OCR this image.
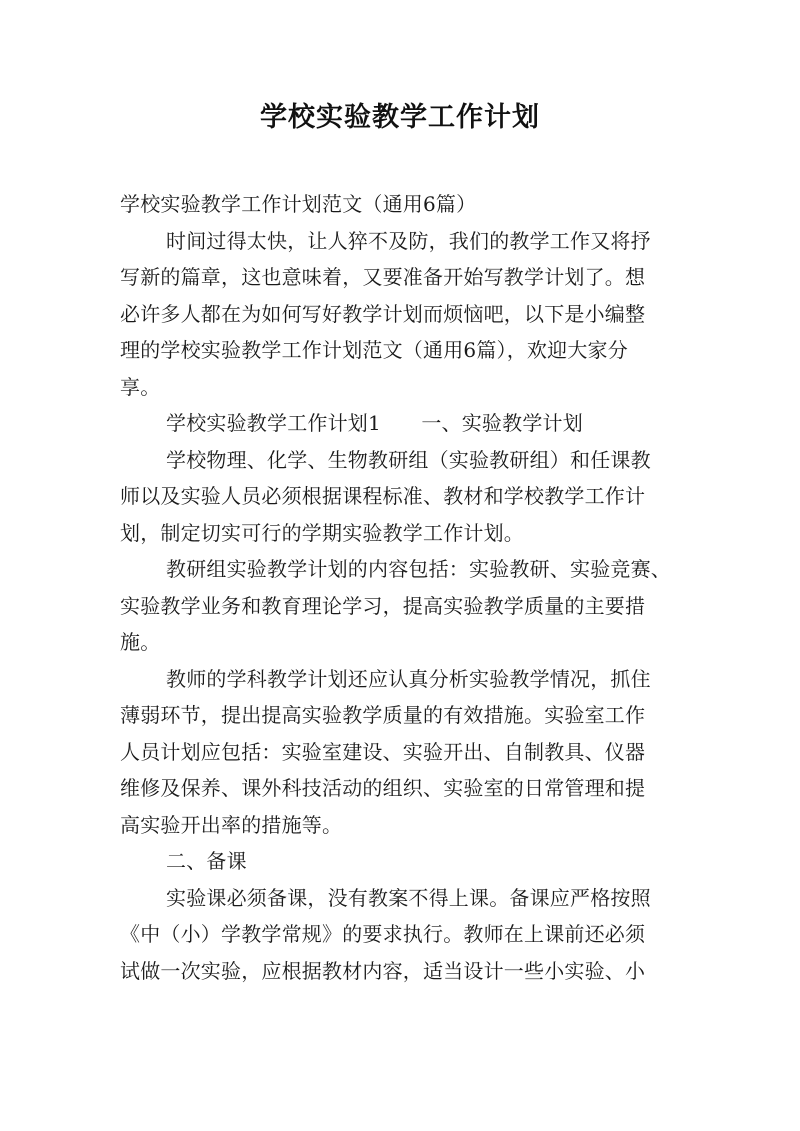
学校实验教学工作计划
学校实验教学工作计划范文（通用6篇）
时间过得太快，让人猝不及防，我们的教学工作又将抒
写新的篇章，这也意味着，又要准备开始写教学计划了。想
必许多人都在为如何写好教学计划而烦恼吧，以下是小编整
理的学校实验教学工作计划范文（通用6篇），欢迎大家分
享。
学校实验教学工作计划1　　一、实验教学计划
学校物理、化学、生物教研组（实验教研组）和任课教
师以及实验人员必须根据课程标准、教材和学校教学工作计
划，制定切实可行的学期实验教学工作计划。
教研组实验教学计划的内容包括：实验教研、实验竞赛、
实验教学业务和教育理论学习，提高实验教学质量的主要措
施。
教师的学科教学计划还应认真分析实验教学情况，抓住
薄弱环节，提出提高实验教学质量的有效措施。实验室工作
人员计划应包括：实验室建设、实验开出、自制教具、仪器
维修及保养、课外科技活动的组织、实验室的日常管理和提
高实验开出率的措施等。
二、备课
实验课必须备课，没有教案不得上课。备课应严格按照
《中（小）学教学常规》的要求执行。教师在上课前还必须
试做一次实验，应根据教材内容，适当设计一些小实验、小
